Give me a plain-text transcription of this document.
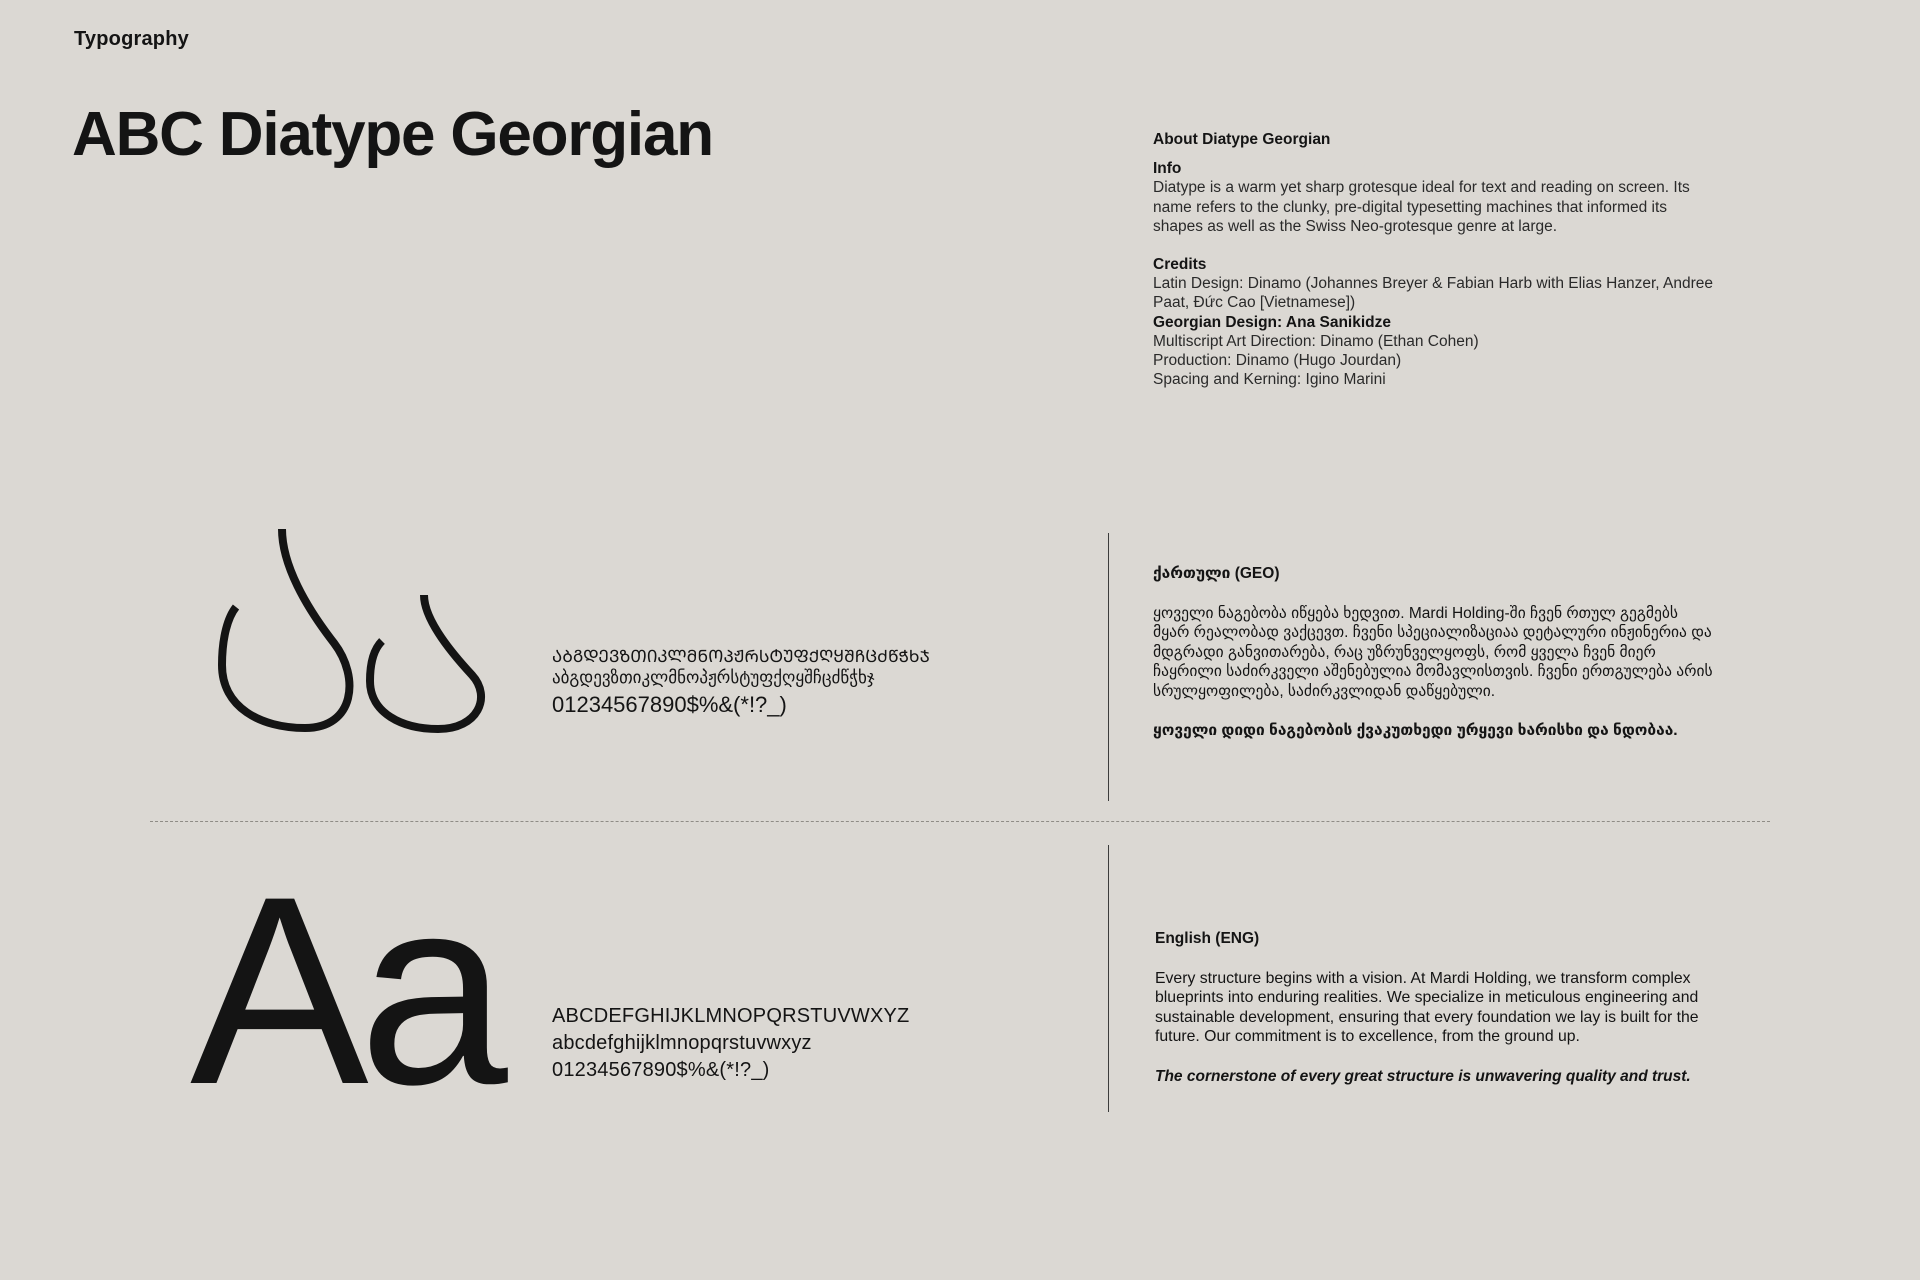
Typography
ABC Diatype Georgian	About Diatype Georgian
Info
Diatype is a warm yet sharp grotesque ideal for text and reading on screen. Its name refers to the clunky, pre-digital typesetting machines that informed its shapes as well as the Swiss Neo-grotesque genre at large.
Credits
Latin Design: Dinamo (Johannes Breyer & Fabian Harb with Elias Hanzer, Andree Paat, Đức Cao [Vietnamese])
Georgian Design: Ana Sanikidze
Multiscript Art Direction: Dinamo (Ethan Cohen)
Production: Dinamo (Hugo Jourdan)
Spacing and Kerning: Igino Marini
ᲐᲑᲒᲓᲔᲕᲖᲗᲘᲙᲚᲛᲜᲝᲞᲟᲠᲡᲢᲣᲤᲥᲦᲧᲨᲩᲪᲫᲬᲭᲮᲯ
აბგდევზთიკლმნოპჟრსტუფქღყშჩცძწჭხჯ
01234567890$%&(*!?_)
ქართული (GEO)
ყოველი ნაგებობა იწყება ხედვით. Mardi Holding-ში ჩვენ რთულ გეგმებს მყარ რეალობად ვაქცევთ. ჩვენი სპეციალიზაციაა დეტალური ინჟინერია და მდგრადი განვითარება, რაც უზრუნველყოფს, რომ ყველა ჩვენ მიერ ჩაყრილი საძირკველი აშენებულია მომავლისთვის. ჩვენი ერთგულება არის სრულყოფილება, საძირკვლიდან დაწყებული.
ყოველი დიდი ნაგებობის ქვაკუთხედი ურყევი ხარისხი და ნდობაა.
Aa	ABCDEFGHIJKLMNOPQRSTUVWXYZ
abcdefghijklmnopqrstuvwxyz
01234567890$%&(*!?_)
English (ENG)
Every structure begins with a vision. At Mardi Holding, we transform complex blueprints into enduring realities. We specialize in meticulous engineering and sustainable development, ensuring that every foundation we lay is built for the future. Our commitment is to excellence, from the ground up.
The cornerstone of every great structure is unwavering quality and trust.
